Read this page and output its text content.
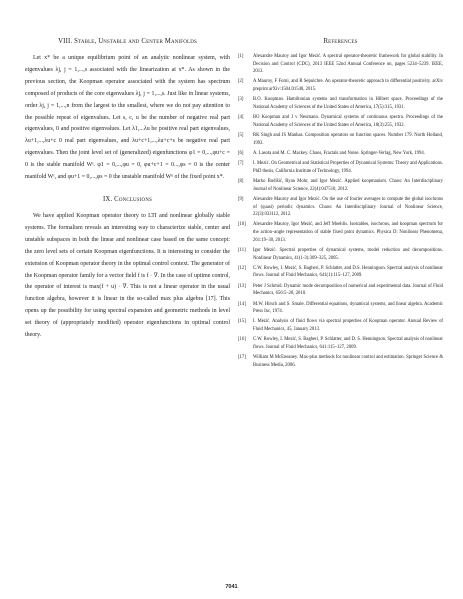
VIII. Stable, Unstable and Center Manifolds

Let x* be a unique equilibrium point of an analytic nonlinear system, with eigenvalues λj, j = 1,...,s associated with the linearization at x*. As shown in the previous section, the Koopman operator associated with the system has spectrum composed of products of the core eigenvalues λj, j = 1,...,s. Just like in linear systems, order λj, j = 1,...,n from the largest to the smallest, where we do not pay attention to the possible repeat of eigenvalues. Let s, c, u be the number of negative real part eigenvalues, 0 and positive eigenvalues. Let λ1,...λu be positive real part eigenvalues, λu+1,...,λu+c 0 real part eigenvalues, and λu+c+1,...,λu+c+s be negative real part eigenvalues. Then the joint level set of (generalized) eigenfunctions φ1 = 0,...,φu+c = 0 is the stable manifold Wˢ. φ1 = 0,...,φu = 0, φu+c+1 = 0...,φs = 0 is the center manifold Wᶜ, and φu+1 = 0,...,φs = 0 the unstable manifold Wᵘ of the fixed point x*.

IX. Conclusions

We have applied Koopman operator theory to LTI and nonlinear globally stable systems. The formalism reveals an interesting way to characterize stable, center and unstable subspaces in both the linear and nonlinear case based on the same concept: the zero level sets of certain Koopman eigenfunctions. It is interesting to consider the extension of Koopman operator theory in the optimal control context. The generator of the Koopman operator family for a vector field f is f · ∇. In the case of uptime control, the operator of interest is max(f + u) · ∇. This is not a linear operator in the usual function algebra, however it is linear in the so-called max plus algebra [17]. This opens up the possibility for using spectral expansion and geometric methods in level set theory of (appropriately modified) operator eigenfunctions in optimal control theory.

References
[1]	Alexandre Mauroy and Igor Mezić. A spectral operator-theoretic framework for global stability. In Decision and Control (CDC), 2013 IEEE 52nd Annual Conference on, pages 5234–5239. IEEE, 2013.
[2]	A Mauroy, F Forni, and R Sepulchre. An operator-theoretic approach to differential positivity. arXiv preprint arXiv:1504.01548, 2015.
[3]	B.O. Koopman. Hamiltonian systems and transformation in Hilbert space. Proceedings of the National Academy of Sciences of the United States of America, 17(5):315, 1931.
[4]	BO Koopman and J v Neumann. Dynamical systems of continuous spectra. Proceedings of the National Academy of Sciences of the United States of America, 18(3):255, 1932.
[5]	RK Singh and JS Manhas. Composition operators on function spaces. Number 179. North Holland, 1993.
[6]	A. Lasota and M. C. Mackey. Chaos, Fractals and Noise. Springer-Verlag, New York, 1994.
[7]	I. Mezić. On Geometrical and Statistical Properties of Dynamical Systems: Theory and Applications. PhD thesis, California Institute of Technology, 1994.
[8]	Marko Budišić, Ryan Mohr, and Igor Mezić. Applied koopmanism. Chaos: An Interdisciplinary Journal of Nonlinear Science, 22(4):047510, 2012.
[9]	Alexandre Mauroy and Igor Mezić. On the use of fourier averages to compute the global isochrons of (quasi) periodic dynamics. Chaos: An Interdisciplinary Journal of Nonlinear Science, 22(3):033112, 2012.
[10]	Alexandre Mauroy, Igor Mezić, and Jeff Moehlis. Isostables, isochrons, and koopman spectrum for the action–angle representation of stable fixed point dynamics. Physica D: Nonlinear Phenomena, 261:19–30, 2013.
[11]	Igor Mezić. Spectral properties of dynamical systems, model reduction and decompositions. Nonlinear Dynamics, 41(1-3):309–325, 2005.
[12]	C.W. Rowley, I. Mezić, S. Bagheri, P. Schlatter, and D.S. Henningson. Spectral analysis of nonlinear flows. Journal of Fluid Mechanics, 641(1):115–127, 2009.
[13]	Peter J Schmid. Dynamic mode decomposition of numerical and experimental data. Journal of Fluid Mechanics, 656:5–28, 2010.
[14]	M.W. Hirsch and S. Smale. Differential equations, dynamical systems, and linear algebra. Academic Press Inc, 1974.
[15]	I. Mezić. Analysis of fluid flows via spectral properties of Koopman operator. Annual Review of Fluid Mechanics, 45, January 2013.
[16]	C.W. Rowley, I. Mezić, S. Bagheri, P. Schlatter, and D. S. Henningson. Spectral analysis of nonlinear flows. Journal of Fluid Mechanics, 641:115–127, 2009.
[17]	William M McEneaney. Max-plus methods for nonlinear control and estimation. Springer Science & Business Media, 2006.
7041
